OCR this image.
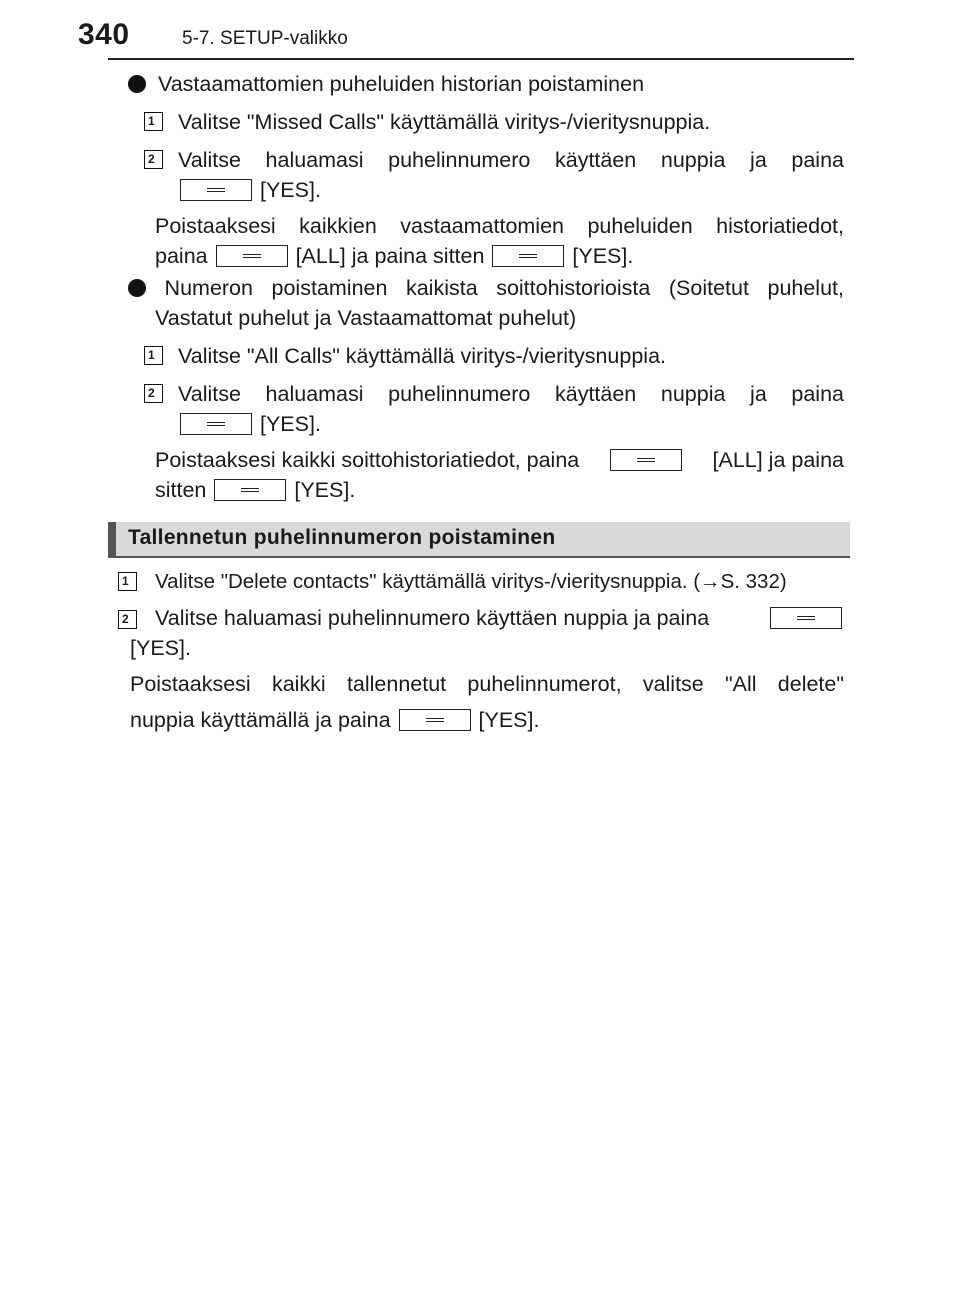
340	5-7. SETUP-valikko
Vastaamattomien puheluiden historian poistaminen
1	Valitse "Missed Calls" käyttämällä viritys-/vieritysnuppia.
2	Valitse haluamasi puhelinnumero käyttäen nuppia ja paina
[YES].
Poistaaksesi kaikkien vastaamattomien puheluiden historiatiedot,
paina	[ALL] ja paina sitten	[YES].
Numeron poistaminen kaikista soittohistorioista (Soitetut puhelut,
Vastatut puhelut ja Vastaamattomat puhelut)
1	Valitse "All Calls" käyttämällä viritys-/vieritysnuppia.
2	Valitse haluamasi puhelinnumero käyttäen nuppia ja paina
[YES].
Poistaaksesi kaikki soittohistoriatiedot, paina	[ALL] ja paina
sitten	[YES].
Tallennetun puhelinnumeron poistaminen
1	Valitse "Delete contacts" käyttämällä viritys-/vieritysnuppia. (→S. 332)
2	Valitse haluamasi puhelinnumero käyttäen nuppia ja paina
[YES].
Poistaaksesi kaikki tallennetut puhelinnumerot, valitse "All delete"
nuppia käyttämällä ja paina	[YES].
